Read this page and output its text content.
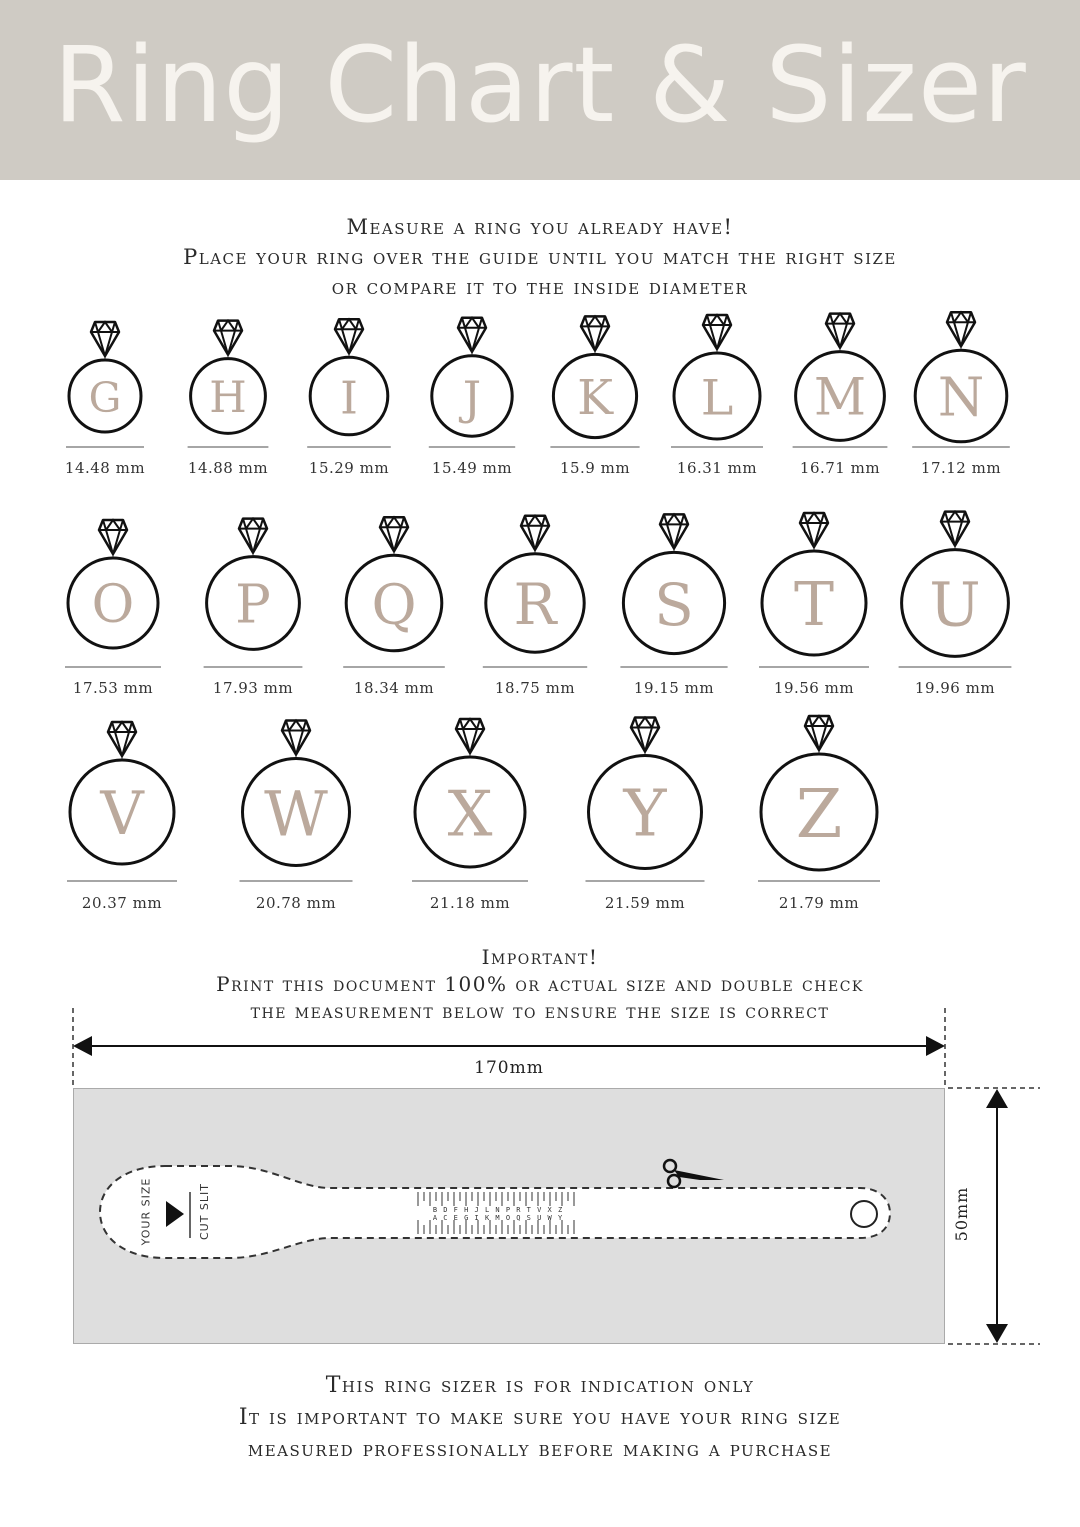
Ring Chart & Sizer
Measure a ring you already have!
Place your ring over the guide until you match the right size
or compare it to the inside diameter
G
14.48 mm
H
14.88 mm
I
15.29 mm
J
15.49 mm
K
15.9 mm
L
16.31 mm
M
16.71 mm
N
17.12 mm
O
17.53 mm
P
17.93 mm
Q
18.34 mm
R
18.75 mm
S
19.15 mm
T
19.56 mm
U
19.96 mm
V
20.37 mm
W
20.78 mm
X
21.18 mm
Y
21.59 mm
Z
21.79 mm
Important!
Print this document 100% or actual size and double check
the measurement below to ensure the size is correct
170mm
B D F H J L N P R T V X Z
A C E G I K M O Q S U W Y
YOUR SIZE	CUT SLIT	50mm
This ring sizer is for indication only
It is important to make sure you have your ring size
measured professionally before making a purchase
